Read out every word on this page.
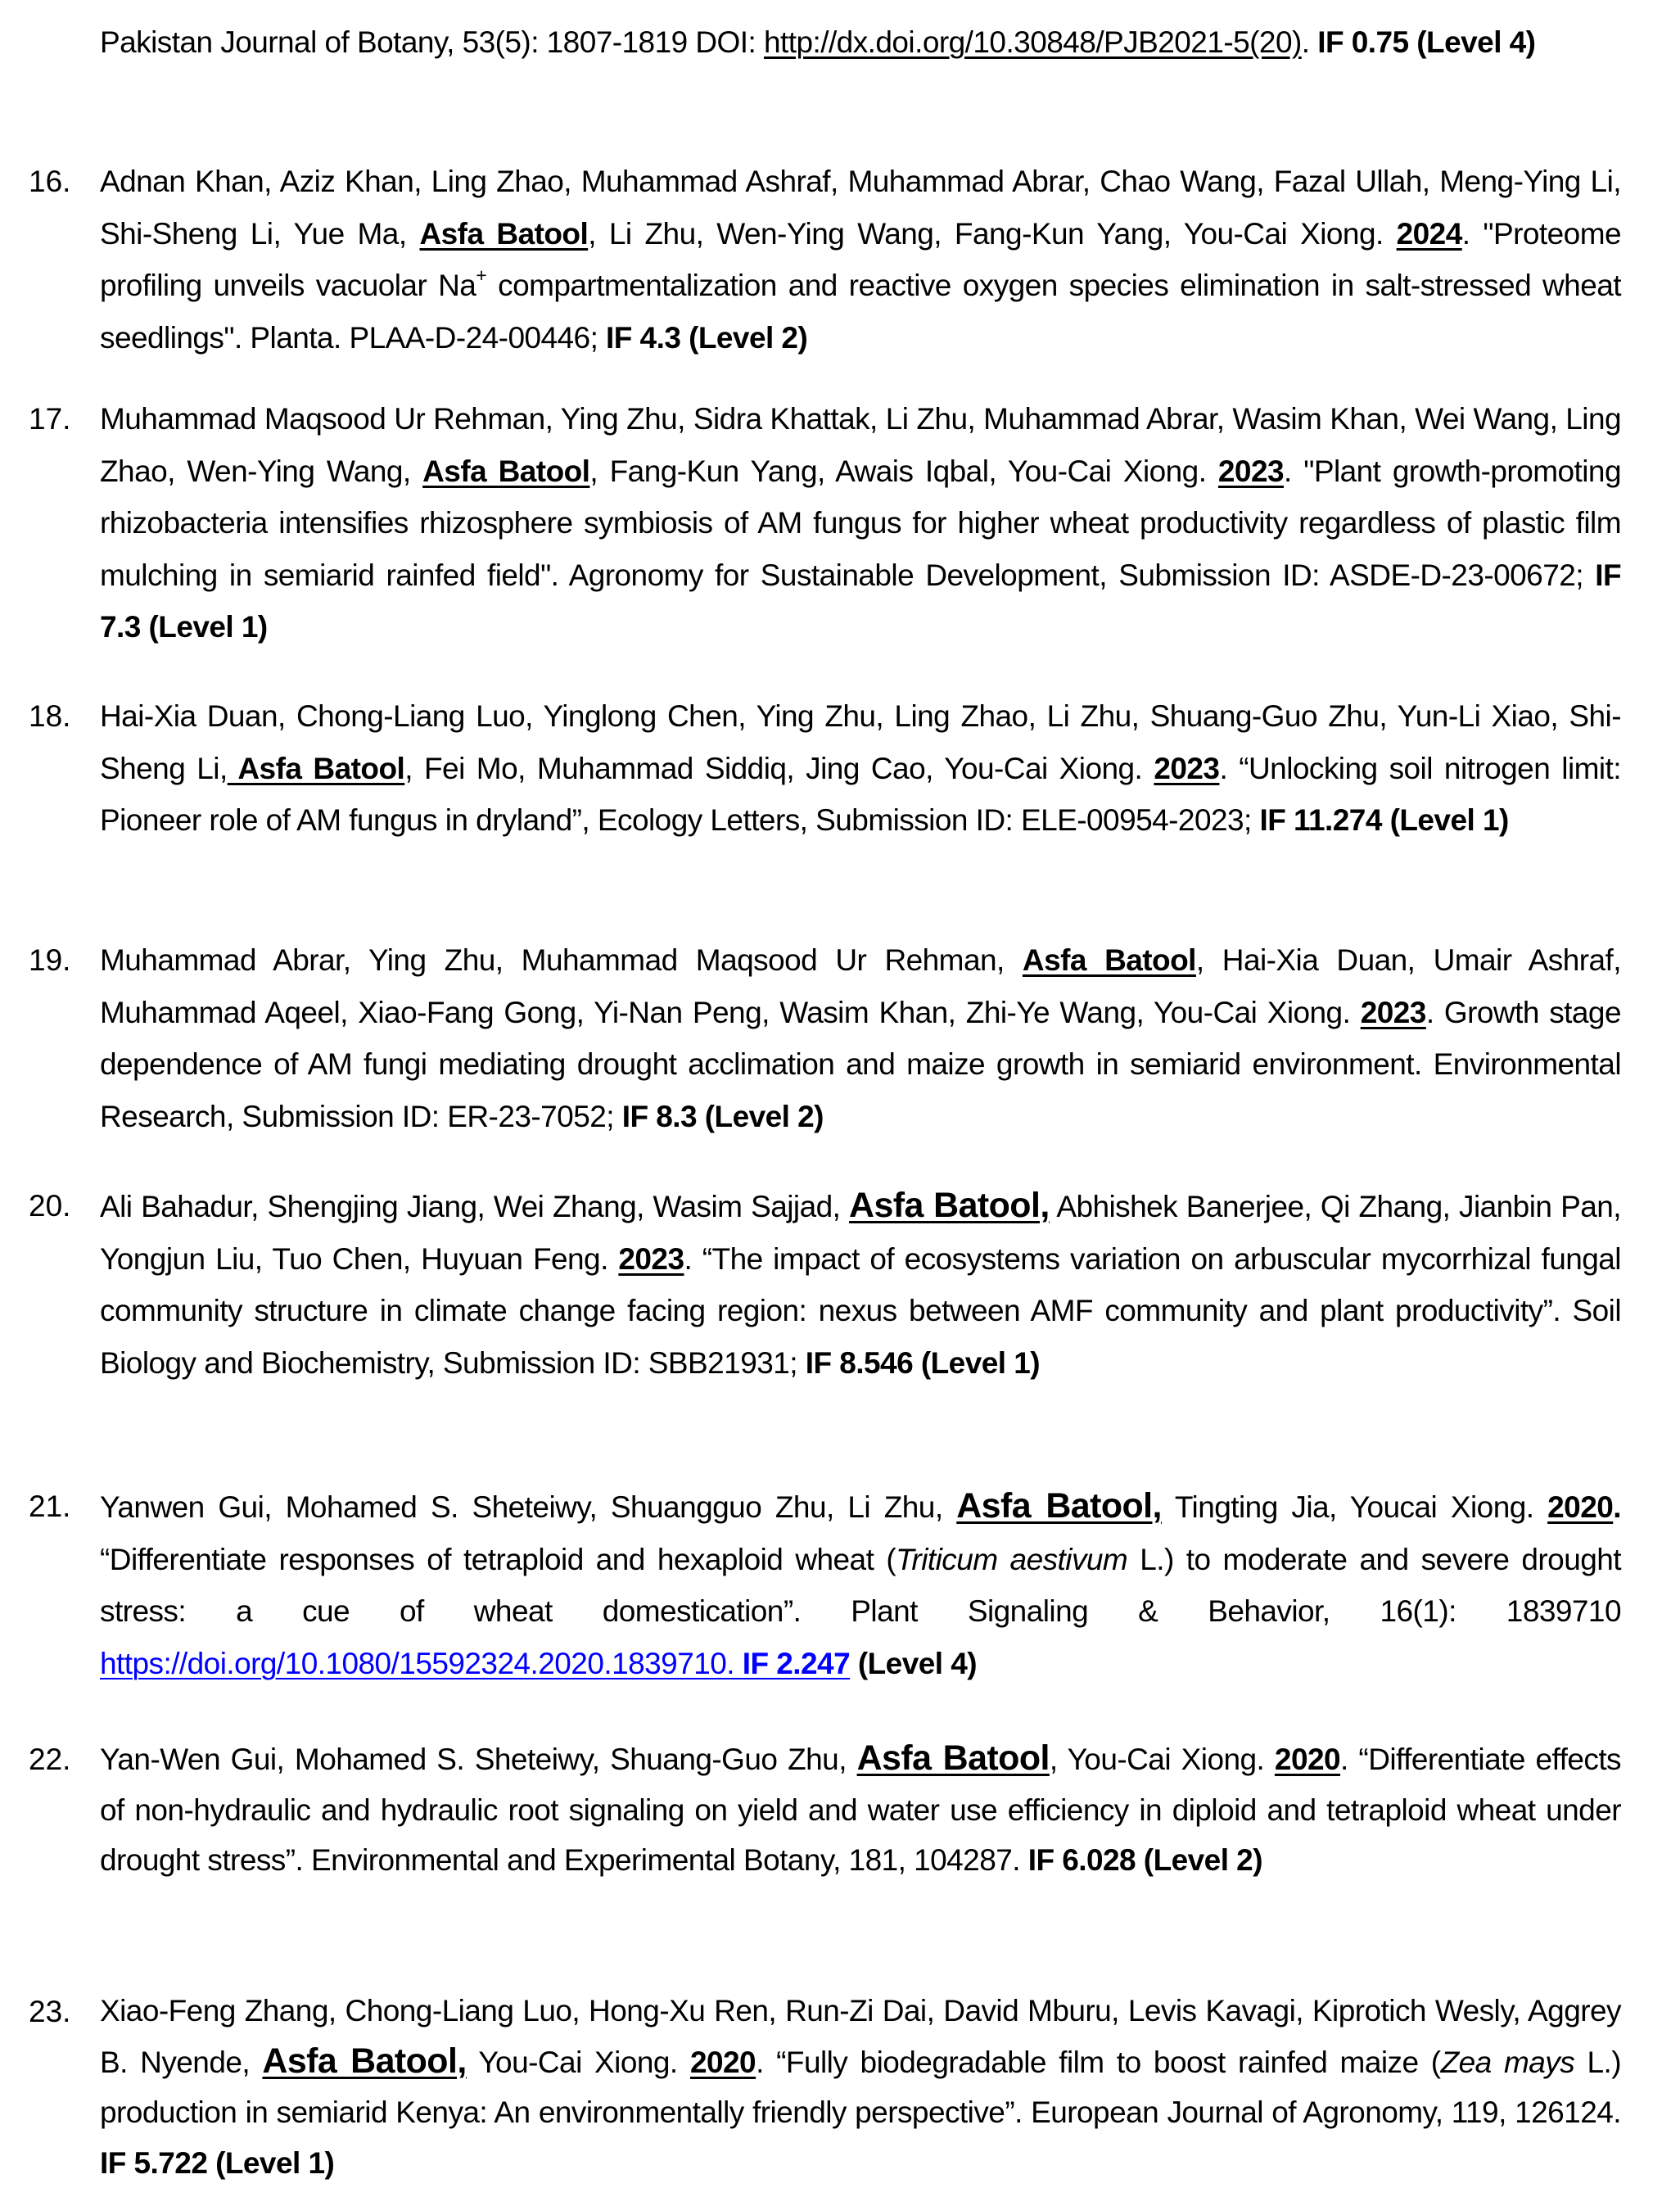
Pakistan Journal of Botany, 53(5): 1807-1819 DOI: http://dx.doi.org/10.30848/PJB2021-5(20). IF 0.75 (Level 4)
16. Adnan Khan, Aziz Khan, Ling Zhao, Muhammad Ashraf, Muhammad Abrar, Chao Wang, Fazal Ullah, Meng-Ying Li, Shi-Sheng Li, Yue Ma, Asfa Batool, Li Zhu, Wen-Ying Wang, Fang-Kun Yang, You-Cai Xiong. 2024. "Proteome profiling unveils vacuolar Na+ compartmentalization and reactive oxygen species elimination in salt-stressed wheat seedlings". Planta. PLAA-D-24-00446; IF 4.3 (Level 2)
17. Muhammad Maqsood Ur Rehman, Ying Zhu, Sidra Khattak, Li Zhu, Muhammad Abrar, Wasim Khan, Wei Wang, Ling Zhao, Wen-Ying Wang, Asfa Batool, Fang-Kun Yang, Awais Iqbal, You-Cai Xiong. 2023. "Plant growth-promoting rhizobacteria intensifies rhizosphere symbiosis of AM fungus for higher wheat productivity regardless of plastic film mulching in semiarid rainfed field". Agronomy for Sustainable Development, Submission ID: ASDE-D-23-00672; IF 7.3 (Level 1)
18. Hai-Xia Duan, Chong-Liang Luo, Yinglong Chen, Ying Zhu, Ling Zhao, Li Zhu, Shuang-Guo Zhu, Yun-Li Xiao, Shi-Sheng Li, Asfa Batool, Fei Mo, Muhammad Siddiq, Jing Cao, You-Cai Xiong. 2023. “Unlocking soil nitrogen limit: Pioneer role of AM fungus in dryland”, Ecology Letters, Submission ID: ELE-00954-2023; IF 11.274 (Level 1)
19. Muhammad Abrar, Ying Zhu, Muhammad Maqsood Ur Rehman, Asfa Batool, Hai-Xia Duan, Umair Ashraf, Muhammad Aqeel, Xiao-Fang Gong, Yi-Nan Peng, Wasim Khan, Zhi-Ye Wang, You-Cai Xiong. 2023. Growth stage dependence of AM fungi mediating drought acclimation and maize growth in semiarid environment. Environmental Research, Submission ID: ER-23-7052; IF 8.3 (Level 2)
20. Ali Bahadur, Shengjing Jiang, Wei Zhang, Wasim Sajjad, Asfa Batool, Abhishek Banerjee, Qi Zhang, Jianbin Pan, Yongjun Liu, Tuo Chen, Huyuan Feng. 2023. “The impact of ecosystems variation on arbuscular mycorrhizal fungal community structure in climate change facing region: nexus between AMF community and plant productivity”. Soil Biology and Biochemistry, Submission ID: SBB21931; IF 8.546 (Level 1)
21. Yanwen Gui, Mohamed S. Sheteiwy, Shuangguo Zhu, Li Zhu, Asfa Batool, Tingting Jia, Youcai Xiong. 2020. “Differentiate responses of tetraploid and hexaploid wheat (Triticum aestivum L.) to moderate and severe drought stress: a cue of wheat domestication”. Plant Signaling & Behavior, 16(1): 1839710 https://doi.org/10.1080/15592324.2020.1839710. IF 2.247 (Level 4)
22. Yan-Wen Gui, Mohamed S. Sheteiwy, Shuang-Guo Zhu, Asfa Batool, You-Cai Xiong. 2020. “Differentiate effects of non-hydraulic and hydraulic root signaling on yield and water use efficiency in diploid and tetraploid wheat under drought stress”. Environmental and Experimental Botany, 181, 104287. IF 6.028 (Level 2)
23. Xiao-Feng Zhang, Chong-Liang Luo, Hong-Xu Ren, Run-Zi Dai, David Mburu, Levis Kavagi, Kiprotich Wesly, Aggrey B. Nyende, Asfa Batool, You-Cai Xiong. 2020. “Fully biodegradable film to boost rainfed maize (Zea mays L.) production in semiarid Kenya: An environmentally friendly perspective”. European Journal of Agronomy, 119, 126124. IF 5.722 (Level 1)
